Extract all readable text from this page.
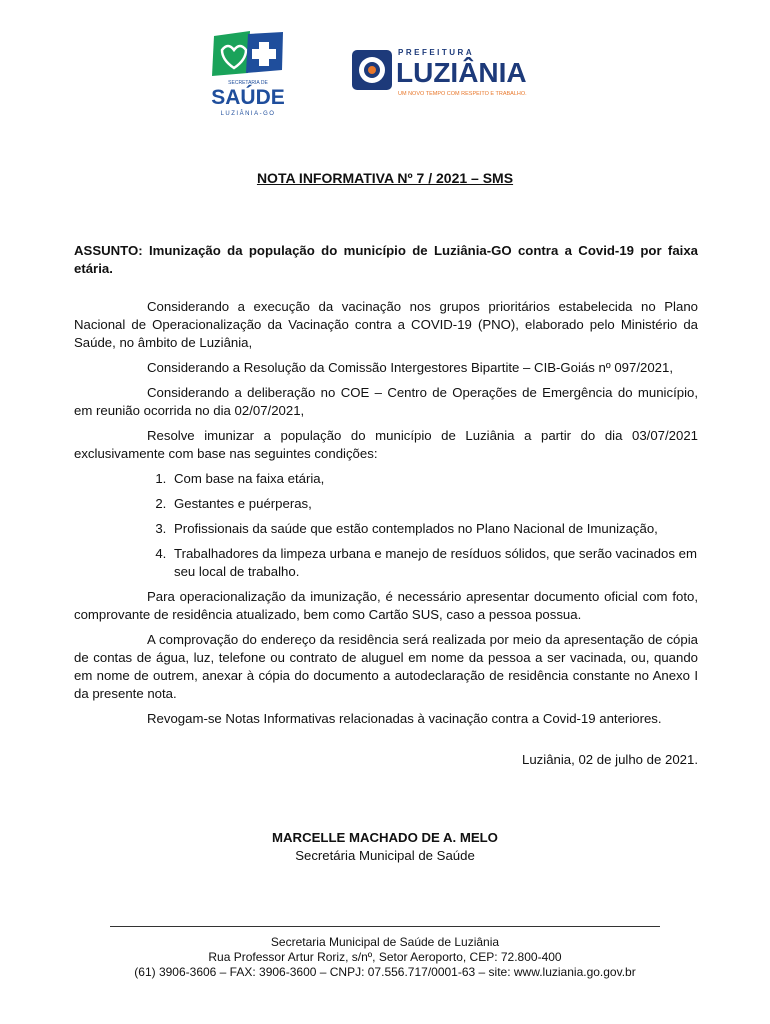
SECRETARIA DE
SAÚDE
LUZIÂNIA-GO
PREFEITURA
LUZIÂNIA
UM NOVO TEMPO COM RESPEITO E TRABALHO.
NOTA INFORMATIVA Nº 7 / 2021 – SMS

ASSUNTO: Imunização da população do município de Luziânia-GO contra a Covid-19 por faixa etária.

Considerando a execução da vacinação nos grupos prioritários estabelecida no Plano Nacional de Operacionalização da Vacinação contra a COVID-19 (PNO), elaborado pelo Ministério da Saúde, no âmbito de Luziânia,

Considerando a Resolução da Comissão Intergestores Bipartite – CIB-Goiás nº 097/2021,

Considerando a deliberação no COE – Centro de Operações de Emergência do município, em reunião ocorrida no dia 02/07/2021,

Resolve imunizar a população do município de Luziânia a partir do dia 03/07/2021 exclusivamente com base nas seguintes condições:

1. Com base na faixa etária,
2. Gestantes e puérperas,
3. Profissionais da saúde que estão contemplados no Plano Nacional de Imunização,
4. Trabalhadores da limpeza urbana e manejo de resíduos sólidos, que serão vacinados em seu local de trabalho.

Para operacionalização da imunização, é necessário apresentar documento oficial com foto, comprovante de residência atualizado, bem como Cartão SUS, caso a pessoa possua.

A comprovação do endereço da residência será realizada por meio da apresentação de cópia de contas de água, luz, telefone ou contrato de aluguel em nome da pessoa a ser vacinada, ou, quando em nome de outrem, anexar à cópia do documento a autodeclaração de residência constante no Anexo I da presente nota.

Revogam-se Notas Informativas relacionadas à vacinação contra a Covid-19 anteriores.

Luziânia, 02 de julho de 2021.

MARCELLE MACHADO DE A. MELO
Secretária Municipal de Saúde
Secretaria Municipal de Saúde de Luziânia
Rua Professor Artur Roriz, s/nº, Setor Aeroporto, CEP: 72.800-400
(61) 3906-3606 – FAX: 3906-3600 – CNPJ: 07.556.717/0001-63 – site: www.luziania.go.gov.br
